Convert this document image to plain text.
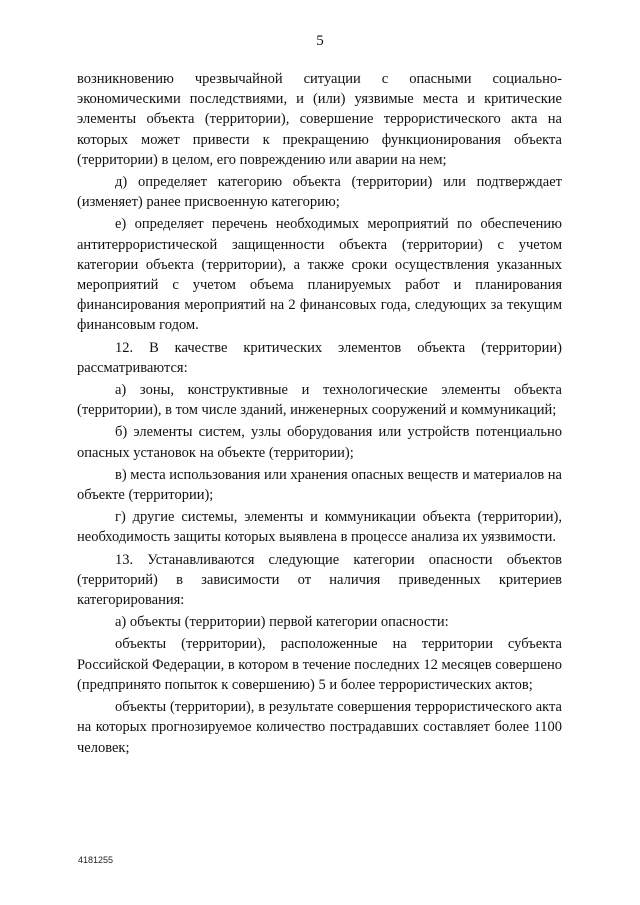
5

возникновению чрезвычайной ситуации с опасными социально-экономическими последствиями, и (или) уязвимые места и критические элементы объекта (территории), совершение террористического акта на которых может привести к прекращению функционирования объекта (территории) в целом, его повреждению или аварии на нем;

д) определяет категорию объекта (территории) или подтверждает (изменяет) ранее присвоенную категорию;

е) определяет перечень необходимых мероприятий по обеспечению антитеррористической защищенности объекта (территории) с учетом категории объекта (территории), а также сроки осуществления указанных мероприятий с учетом объема планируемых работ и планирования финансирования мероприятий на 2 финансовых года, следующих за текущим финансовым годом.

12. В качестве критических элементов объекта (территории) рассматриваются:

а) зоны, конструктивные и технологические элементы объекта (территории), в том числе зданий, инженерных сооружений и коммуникаций;

б) элементы систем, узлы оборудования или устройств потенциально опасных установок на объекте (территории);

в) места использования или хранения опасных веществ и материалов на объекте (территории);

г) другие системы, элементы и коммуникации объекта (территории), необходимость защиты которых выявлена в процессе анализа их уязвимости.

13. Устанавливаются следующие категории опасности объектов (территорий) в зависимости от наличия приведенных критериев категорирования:

а) объекты (территории) первой категории опасности:

объекты (территории), расположенные на территории субъекта Российской Федерации, в котором в течение последних 12 месяцев совершено (предпринято попыток к совершению) 5 и более террористических актов;

объекты (территории), в результате совершения террористического акта на которых прогнозируемое количество пострадавших составляет более 1100 человек;

4181255
